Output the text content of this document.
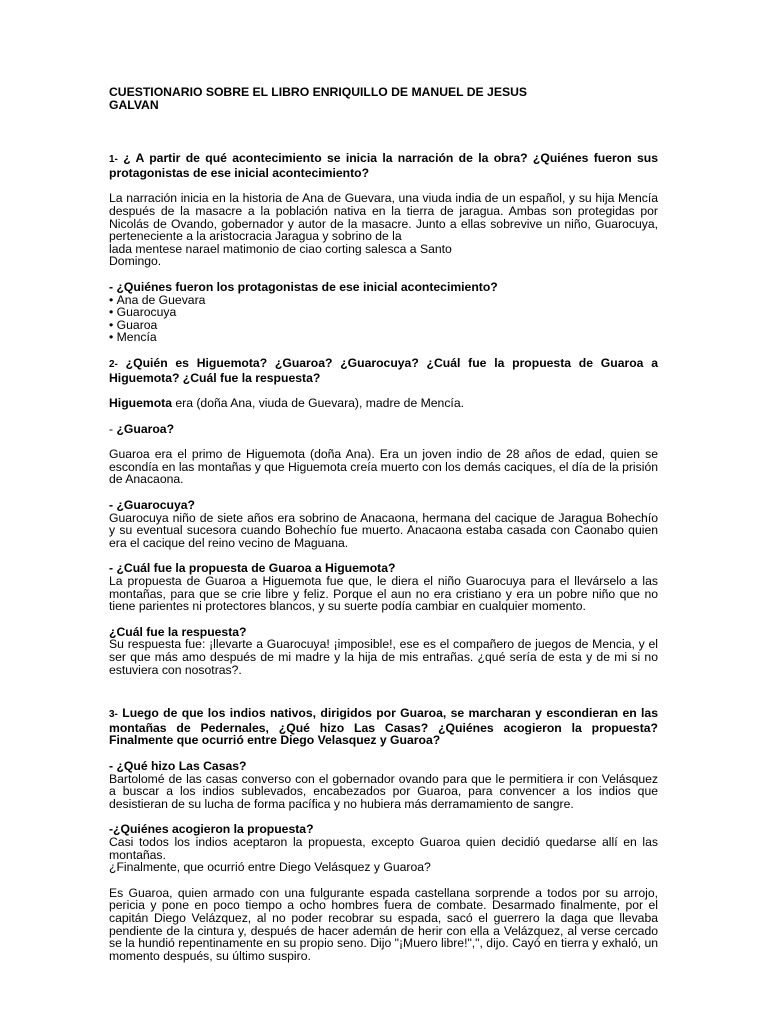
CUESTIONARIO SOBRE EL LIBRO ENRIQUILLO DE MANUEL DE JESUS
GALVAN
1- ¿ A partir de qué acontecimiento se inicia la narración de la obra? ¿Quiénes fueron sus protagonistas de ese inicial acontecimiento?
La narración inicia en la historia de Ana de Guevara, una viuda india de un español, y su hija Mencía después de la masacre a la población nativa en la tierra de jaragua. Ambas son protegidas por Nicolás de Ovando, gobernador y autor de la masacre. Junto a ellas sobrevive un niño, Guarocuya, perteneciente a la aristocracia Jaragua y sobrino de la
lada mentese narael matimonio de ciao corting salesca a Santo
Domingo.
- ¿Quiénes fueron los protagonistas de ese inicial acontecimiento?
• Ana de Guevara
• Guarocuya
• Guaroa
• Mencía
2- ¿Quién es Higuemota? ¿Guaroa? ¿Guarocuya? ¿Cuál fue la propuesta de Guaroa a Higuemota? ¿Cuál fue la respuesta?
Higuemota era (doña Ana, viuda de Guevara), madre de Mencía.
- ¿Guaroa?
Guaroa era el primo de Higuemota (doña Ana). Era un joven indio de 28 años de edad, quien se escondía en las montañas y que Higuemota creía muerto con los demás caciques, el día de la prisión de Anacaona.
- ¿Guarocuya?
Guarocuya niño de siete años era sobrino de Anacaona, hermana del cacique de Jaragua Bohechío y su eventual sucesora cuando Bohechío fue muerto. Anacaona estaba casada con Caonabo quien era el cacique del reino vecino de Maguana.
- ¿Cuál fue la propuesta de Guaroa a Higuemota?
La propuesta de Guaroa a Higuemota fue que, le diera el niño Guarocuya para el llevárselo a las montañas, para que se crie libre y feliz. Porque el aun no era cristiano y era un pobre niño que no tiene parientes ni protectores blancos, y su suerte podía cambiar en cualquier momento.
¿Cuál fue la respuesta?
Su respuesta fue: ¡llevarte a Guarocuya! ¡imposible!, ese es el compañero de juegos de Mencia, y el ser que más amo después de mi madre y la hija de mis entrañas. ¿qué sería de esta y de mi si no estuviera con nosotras?.
3- Luego de que los indios nativos, dirigidos por Guaroa, se marcharan y escondieran en las montañas de Pedernales, ¿Qué hizo Las Casas? ¿Quiénes acogieron la propuesta? Finalmente que ocurrió entre Diego Velasquez y Guaroa?
- ¿Qué hizo Las Casas?
Bartolomé de las casas converso con el gobernador ovando para que le permitiera ir con Velásquez a buscar a los indios sublevados, encabezados por Guaroa, para convencer a los indios que desistieran de su lucha de forma pacífica y no hubiera más derramamiento de sangre.
-¿Quiénes acogieron la propuesta?
Casi todos los indios aceptaron la propuesta, excepto Guaroa quien decidió quedarse allí en las montañas.
¿Finalmente, que ocurrió entre Diego Velásquez y Guaroa?
Es Guaroa, quien armado con una fulgurante espada castellana sorprende a todos por su arrojo, pericia y pone en poco tiempo a ocho hombres fuera de combate. Desarmado finalmente, por el capitán Diego Velázquez, al no poder recobrar su espada, sacó el guerrero la daga que llevaba pendiente de la cintura y, después de hacer ademán de herir con ella a Velázquez, al verse cercado se la hundió repentinamente en su propio seno. Dijo "¡Muero libre!",", dijo. Cayó en tierra y exhaló, un momento después, su último suspiro.
